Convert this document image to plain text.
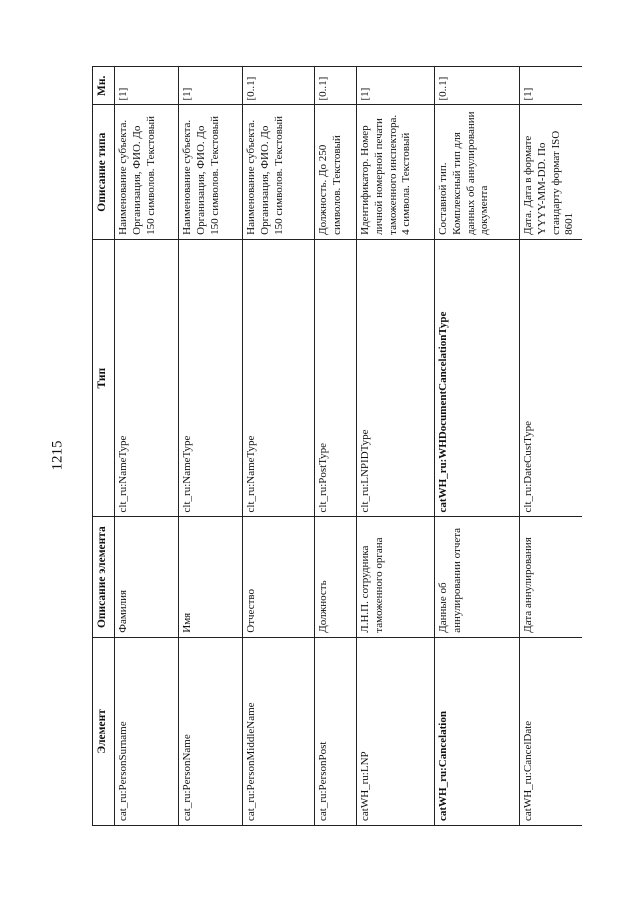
1215
Элемент	Описание элемента	Тип	Описание типа	Мн.
cat_ru:PersonSurname	Фамилия	clt_ru:NameType	Наименование субъекта. Организация, ФИО. До 150 символов. Текстовый	[1]
cat_ru:PersonName	Имя	clt_ru:NameType	Наименование субъекта. Организация, ФИО. До 150 символов. Текстовый	[1]
cat_ru:PersonMiddleName	Отчество	clt_ru:NameType	Наименование субъекта. Организация, ФИО. До 150 символов. Текстовый	[0..1]
cat_ru:PersonPost	Должность	clt_ru:PostType	Должность. До 250 символов. Текстовый	[0..1]
catWH_ru:LNP	Л.Н.П. сотрудника таможенного органа	clt_ru:LNPIDType	Идентификатор. Номер личной номерной печати таможенного инспектора. 4 символа. Текстовый	[1]
catWH_ru:Cancelation	Данные об аннулировании отчета	catWH_ru:WHDocumentCancelationType	Составной тип. Комплексный тип для данных об аннулировании документа	[0..1]
catWH_ru:CancelDate	Дата аннулирования	clt_ru:DateCustType	Дата. Дата в формате YYYY-MM-DD. По стандарту формат ISO 8601	[1]
